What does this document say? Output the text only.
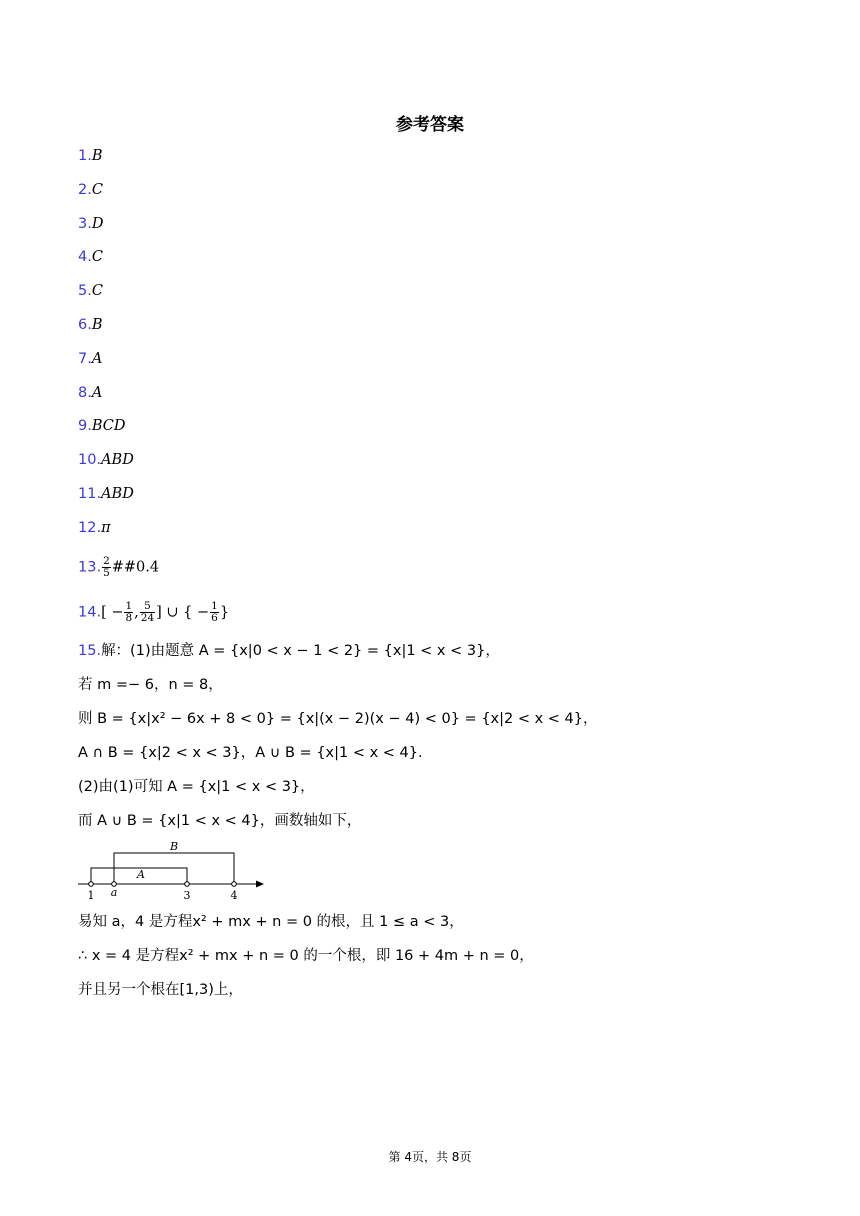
参考答案
1.B
2.C
3.D
4.C
5.C
6.B
7.A
8.A
9.BCD
10.ABD
11.ABD
12.π
13. $\frac{2}{5}$ ##0.4
$14.[ - \frac{1}{8}$ , $\frac{5}{24}$ ] ∪ { − $\frac{1}{6}$ }
15.解：(1)由题意 A = {x|0 < x − 1 < 2} = {x|1 < x < 3}，
若 m =− 6，n = 8，
则 B = {x|x² − 6x + 8 < 0} = {x|(x − 2)(x − 4) < 0} = {x|2 < x < 4}，
A ∩ B = {x|2 < x < 3}，A ∪ B = {x|1 < x < 4}.
(2)由(1)可知 A = {x|1 < x < 3}，
而 A ∪ B = {x|1 < x < 4}，画数轴如下，
B
A
1 a	3	4
易知 a，4 是方程x² + mx + n = 0 的根，且 1 ≤ a < 3，
∴ x = 4 是方程x² + mx + n = 0 的一个根，即 16 + 4m + n = 0，
并且另一个根在[1,3)上，
第 4页，共 8页
